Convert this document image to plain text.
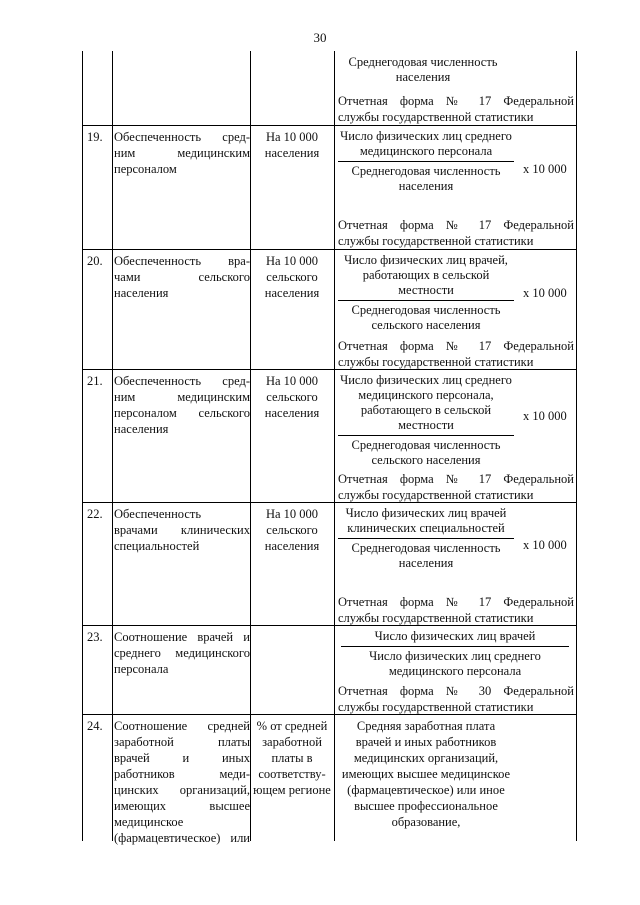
30
Среднегодовая численность населения
Отчетная форма № 17 Федеральной
службы государственной статистики
19. Обеспеченность сред-
ним медицинским
персоналом
На 10 000
населения
Число физических лиц среднего медицинского персонала
Среднегодовая численность населения
x 10 000
Отчетная форма № 17 Федеральной
службы государственной статистики
20. Обеспеченность вра-
чами сельского
населения
На 10 000
сельского
населения
Число физических лиц врачей, работающих в сельской местности
Среднегодовая численность сельского населения
x 10 000
Отчетная форма № 17 Федеральной
службы государственной статистики
21. Обеспеченность сред-
ним медицинским
персоналом сельского
населения
На 10 000
сельского
населения
Число физических лиц среднего медицинского персонала, работающего в сельской местности
Среднегодовая численность сельского населения
x 10 000
Отчетная форма № 17 Федеральной
службы государственной статистики
22. Обеспеченность
врачами клинических
специальностей
На 10 000
сельского
населения
Число физических лиц врачей клинических специальностей
Среднегодовая численность населения
x 10 000
Отчетная форма № 17 Федеральной
службы государственной статистики
23. Соотношение врачей и
среднего медицинского
персонала
Число физических лиц врачей
Число физических лиц среднего медицинского персонала
Отчетная форма № 30 Федеральной
службы государственной статистики
24. Соотношение средней
заработной платы
врачей и иных
работников меди-
цинских организаций,
имеющих высшее
медицинское
(фармацевтическое) или
% от средней
заработной
платы в
соответству-
ющем регионе
Средняя заработная плата врачей и иных работников медицинских организаций, имеющих высшее медицинское (фармацевтическое) или иное высшее профессиональное образование,
